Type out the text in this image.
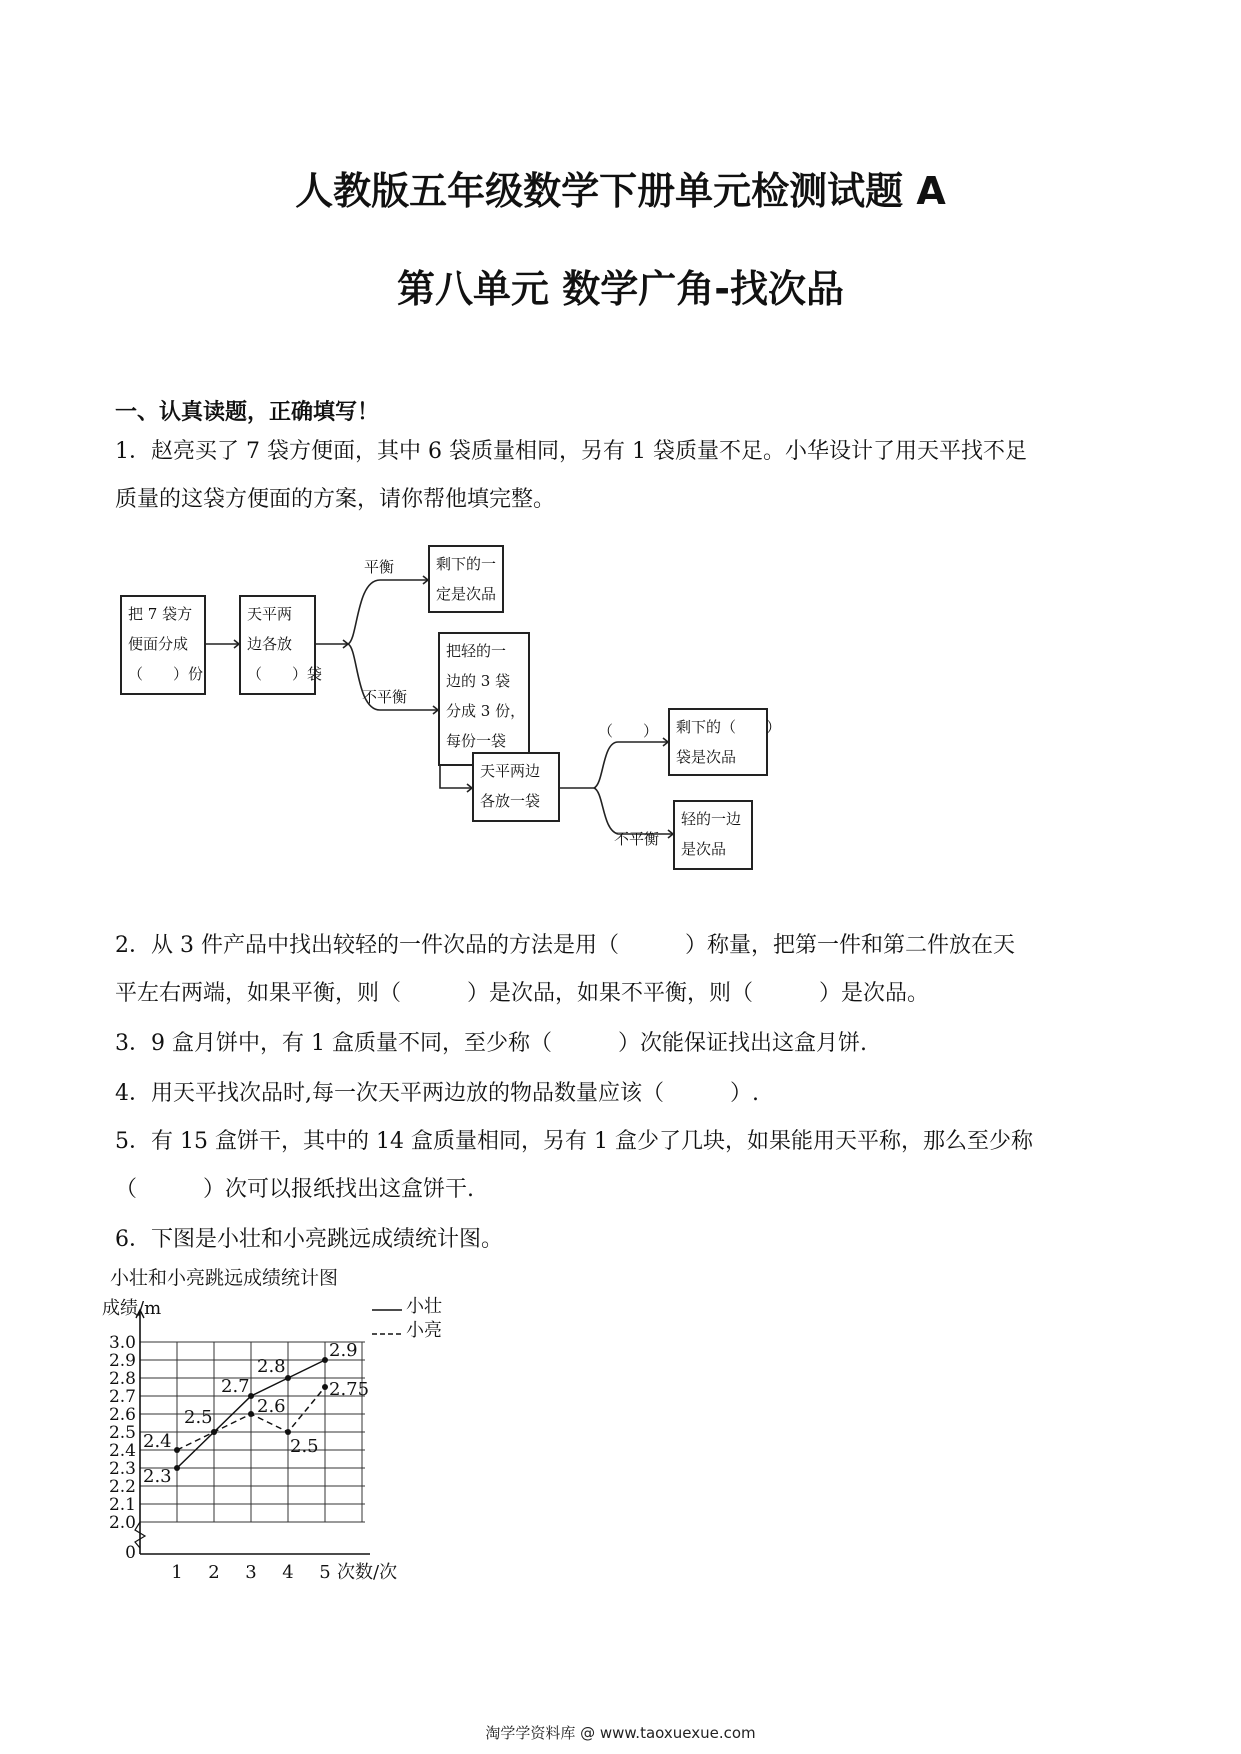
人教版五年级数学下册单元检测试题 A
第八单元 数学广角-找次品
一、认真读题，正确填写！

1．赵亮买了 7 袋方便面，其中 6 袋质量相同，另有 1 袋质量不足。小华设计了用天平找不足

质量的这袋方便面的方案，请你帮他填完整。

把 7 袋方
便面分成
（　　）份
天平两
边各放
（　　）袋
平衡	剩下的一
定是次品
不平衡
把轻的一
边的 3 袋
分成 3 份，
每份一袋
天平两边
各放一袋
（　　） 剩下的（　　）
袋是次品
不平衡
轻的一边
是次品

2．从 3 件产品中找出较轻的一件次品的方法是用（　　　）称量，把第一件和第二件放在天

平左右两端，如果平衡，则（　　　）是次品，如果不平衡，则（　　　）是次品。

3．9 盒月饼中，有 1 盒质量不同，至少称（　　　）次能保证找出这盒月饼.

4．用天平找次品时,每一次天平两边放的物品数量应该（　　　）.

5．有 15 盒饼干，其中的 14 盒质量相同，另有 1 盒少了几块，如果能用天平称，那么至少称

（　　　）次可以报纸找出这盒饼干.

6．下图是小壮和小亮跳远成绩统计图。

小壮和小亮跳远成绩统计图
成绩/m
0
2.0
2.1
2.2
2.3
2.4
2.5
2.6
2.7
2.8
2.9
3.0
1 2 3 4 5 次数/次
小壮
小亮
2.4
2.5
2.7
2.8
2.9
2.3
2.6
2.5
2.75
淘学学资料库 @ www.taoxuexue.com
